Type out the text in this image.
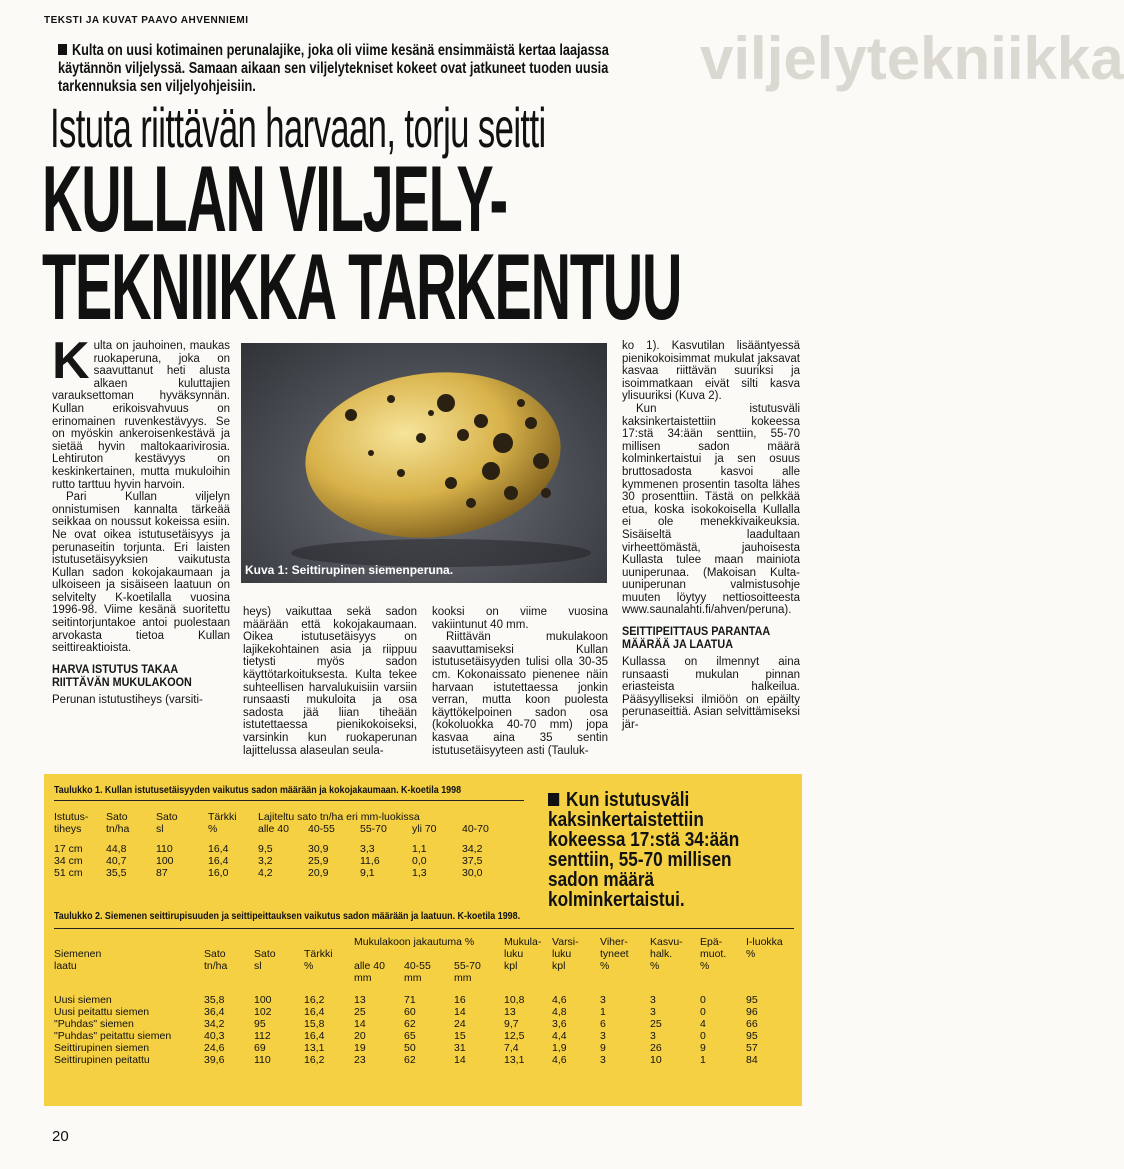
viljelytekniikka
TEKSTI JA KUVAT PAAVO AHVENNIEMI
Kulta on uusi kotimainen perunalajike, joka oli viime kesänä ensimmäistä kertaa laajassa käytännön viljelyssä. Samaan aikaan sen viljelytekniset kokeet ovat jatkuneet tuoden uusia tarkennuksia sen viljelyohjeisiin.
Istuta riittävän harvaan, torju seitti
KULLAN VILJELY-
TEKNIIKKA TARKENTUU

Kulta on jauhoinen, maukas ruokaperuna, joka on saavuttanut heti alusta alkaen kuluttajien varauksettoman hyväksynnän. Kullan erikoisvahvuus on erinomainen ruvenkestävyys. Se on myöskin ankeroisenkestävä ja sietää hyvin maltokaarivirosia. Lehtiruton kestävyys on keskinkertainen, mutta mukuloihin rutto tarttuu hyvin harvoin.

Pari Kullan viljelyn onnistumisen kannalta tärkeää seikkaa on noussut kokeissa esiin. Ne ovat oikea istutusetäisyys ja perunaseitin torjunta. Eri laisten istutusetäisyyksien vaikutusta Kullan sadon kokojakaumaan ja ulkoiseen ja sisäiseen laatuun on selvitelty K-koetilalla vuosina 1996-98. Viime kesänä suoritettu seitintorjuntakoe antoi puolestaan arvokasta tietoa Kullan seittireaktioista.

HARVA ISTUTUS TAKAA RIITTÄVÄN MUKULAKOON

Perunan istutustiheys (varsiti-

Kuva 1: Seittirupinen siemenperuna.

heys) vaikuttaa sekä sadon määrään että kokojakaumaan. Oikea istutusetäisyys on lajikekohtainen asia ja riippuu tietysti myös sadon käyttötarkoituksesta. Kulta tekee suhteellisen harvalukuisiin varsiin runsaasti mukuloita ja osa sadosta jää liian tiheään istutettaessa pienikokoiseksi, varsinkin kun ruokaperunan lajittelussa alaseulan seula-

kooksi on viime vuosina vakiintunut 40 mm.

Riittävän mukulakoon saavuttamiseksi Kullan istutusetäisyyden tulisi olla 30-35 cm. Kokonaissato pienenee näin harvaan istutettaessa jonkin verran, mutta koon puolesta käyttökelpoinen sadon osa (kokoluokka 40-70 mm) jopa kasvaa aina 35 sentin istutusetäisyyteen asti (Tauluk-

ko 1). Kasvutilan lisääntyessä pienikokoisimmat mukulat jaksavat kasvaa riittävän suuriksi ja isoimmatkaan eivät silti kasva ylisuuriksi (Kuva 2).

Kun istutusväli kaksinkertaistettiin kokeessa 17:stä 34:ään senttiin, 55-70 millisen sadon määrä kolminkertaistui ja sen osuus bruttosadosta kasvoi alle kymmenen prosentin tasolta lähes 30 prosenttiin. Tästä on pelkkää etua, koska isokokoisella Kullalla ei ole menekkivaikeuksia. Sisäiseltä laadultaan virheettömästä, jauhoisesta Kullasta tulee maan mainiota uuniperunaa. (Makoisan Kulta-uuniperunan valmistusohje muuten löytyy nettiosoitteesta www.saunalahti.fi/ahven/peruna).

SEITTIPEITTAUS PARANTAA MÄÄRÄÄ JA LAATUA

Kullassa on ilmennyt aina runsaasti mukulan pinnan eriasteista halkeilua. Pääsyylliseksi ilmiöön on epäilty perunaseittiä. Asian selvittämiseksi jär-

Taulukko 1. Kullan istutusetäisyyden vaikutus sadon määrään ja kokojakaumaan. K-koetila 1998
Istutus-	Sato	Sato	Tärkki	Lajiteltu sato tn/ha eri mm-luokissa				
tiheys	tn/ha	sl	%	alle 40	40-55	55-70	yli 70	40-70

17 cm	44,8	110	16,4	9,5	30,9	3,3	1,1	34,2
34 cm	40,7	100	16,4	3,2	25,9	11,6	0,0	37,5
51 cm	35,5	87	16,0	4,2	20,9	9,1	1,3	30,0
Taulukko 2. Siemenen seittirupisuuden ja seittipeittauksen vaikutus sadon määrään ja laatuun. K-koetila 1998.
				Mukulakoon jakautuma %			Mukula-	Varsi-	Viher-	Kasvu-	Epä-	I-luokka
Siemenen	Sato	Sato	Tärkki				luku	luku	tyneet	halk.	muot.	%
laatu	tn/ha	sl	%	alle 40	40-55	55-70	kpl	kpl	%	%	%	
				mm	mm	mm						

Uusi siemen	35,8	100	16,2	13	71	16	10,8	4,6	3	3	0	95
Uusi peitattu siemen	36,4	102	16,4	25	60	14	13	4,8	1	3	0	96
"Puhdas" siemen	34,2	95	15,8	14	62	24	9,7	3,6	6	25	4	66
"Puhdas" peitattu siemen	40,3	112	16,4	20	65	15	12,5	4,4	3	3	0	95
Seittirupinen siemen	24,6	69	13,1	19	50	31	7,4	1,9	9	26	9	57
Seittirupinen peitattu	39,6	110	16,2	23	62	14	13,1	4,6	3	10	1	84
Kun istutusväli kaksinkertaistettiin kokeessa 17:stä 34:ään senttiin, 55-70 millisen sadon määrä kolminkertaistui.
20
